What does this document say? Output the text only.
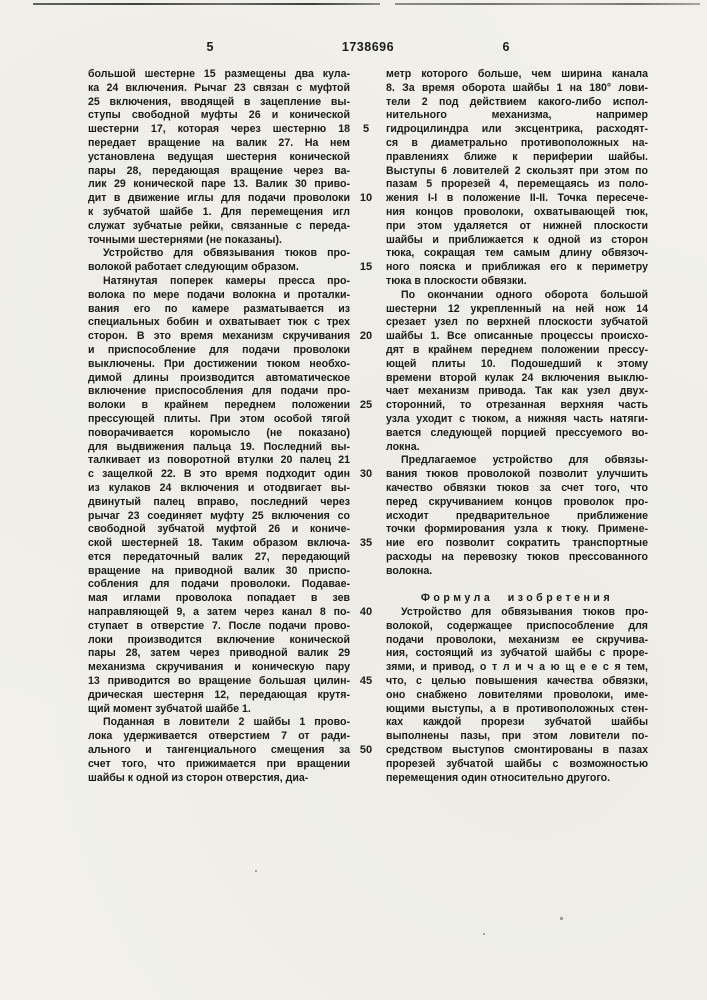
5	1738696	6
большой шестерне 15 размещены два кула-
ка 24 включения. Рычаг 23 связан с муфтой
25 включения, вводящей в зацепление вы-
ступы свободной муфты 26 и конической
шестерни 17, которая через шестерню 18
передает вращение на валик 27. На нем
установлена ведущая шестерня конической
пары 28, передающая вращение через ва-
лик 29 конической паре 13. Валик 30 приво-
дит в движение иглы для подачи проволоки
к зубчатой шайбе 1. Для перемещения игл
служат зубчатые рейки, связанные с переда-
точными шестернями (не показаны).
Устройство для обвязывания тюков про-
волокой работает следующим образом.
Натянутая поперек камеры пресса про-
волока по мере подачи волокна и проталки-
вания его по камере разматывается из
специальных бобин и охватывает тюк с трех
сторон. В это время механизм скручивания
и приспособление для подачи проволоки
выключены. При достижении тюком необхо-
димой длины производится автоматическое
включение приспособления для подачи про-
волоки в крайнем переднем положении
прессующей плиты. При этом особой тягой
поворачивается коромысло (не показано)
для выдвижения пальца 19. Последний вы-
талкивает из поворотной втулки 20 палец 21
с защелкой 22. В это время подходит один
из кулаков 24 включения и отодвигает вы-
двинутый палец вправо, последний через
рычаг 23 соединяет муфту 25 включения со
свободной зубчатой муфтой 26 и кониче-
ской шестерней 18. Таким образом включа-
ется передаточный валик 27, передающий
вращение на приводной валик 30 приспо-
собления для подачи проволоки. Подавае-
мая иглами проволока попадает в зев
направляющей 9, а затем через канал 8 по-
ступает в отверстие 7. После подачи прово-
локи производится включение конической
пары 28, затем через приводной валик 29
механизма скручивания и коническую пару
13 приводится во вращение большая цилин-
дрическая шестерня 12, передающая крутя-
щий момент зубчатой шайбе 1.
Поданная в ловители 2 шайбы 1 прово-
лока удерживается отверстием 7 от ради-
ального и тангенциального смещения за
счет того, что прижимается при вращении
шайбы к одной из сторон отверстия, диа-
5
10
15
20
25
30
35
40
45
50
метр которого больше, чем ширина канала
8. За время оборота шайбы 1 на 180° лови-
тели 2 под действием какого-либо испол-
нительного механизма, например
гидроцилиндра или эксцентрика, расходят-
ся в диаметрально противоположных на-
правлениях ближе к периферии шайбы.
Выступы 6 ловителей 2 скользят при этом по
пазам 5 прорезей 4, перемещаясь из поло-
жения I-I в положение II-II. Точка пересече-
ния концов проволоки, охватывающей тюк,
при этом удаляется от нижней плоскости
шайбы и приближается к одной из сторон
тюка, сокращая тем самым длину обвязоч-
ного пояска и приближая его к периметру
тюка в плоскости обвязки.
По окончании одного оборота большой
шестерни 12 укрепленный на ней нож 14
срезает узел по верхней плоскости зубчатой
шайбы 1. Все описанные процессы происхо-
дят в крайнем переднем положении прессу-
ющей плиты 10. Подошедший к этому
времени второй кулак 24 включения выклю-
чает механизм привода. Так как узел двух-
сторонний, то отрезанная верхняя часть
узла уходит с тюком, а нижняя часть натяги-
вается следующей порцией прессуемого во-
локна.
Предлагаемое устройство для обвязы-
вания тюков проволокой позволит улучшить
качество обвязки тюков за счет того, что
перед скручиванием концов проволок про-
исходит предварительное приближение
точки формирования узла к тюку. Примене-
ние его позволит сократить транспортные
расходы на перевозку тюков прессованного
волокна.
Формула изобретения
Устройство для обвязывания тюков про-
волокой, содержащее приспособление для
подачи проволоки, механизм ее скручива-
ния, состоящий из зубчатой шайбы с проре-
зями, и привод, о т л и ч а ю щ е е с я тем,
что, с целью повышения качества обвязки,
оно снабжено ловителями проволоки, име-
ющими выступы, а в противоположных стен-
ках каждой прорези зубчатой шайбы
выполнены пазы, при этом ловители по-
средством выступов смонтированы в пазах
прорезей зубчатой шайбы с возможностью
перемещения один относительно другого.
